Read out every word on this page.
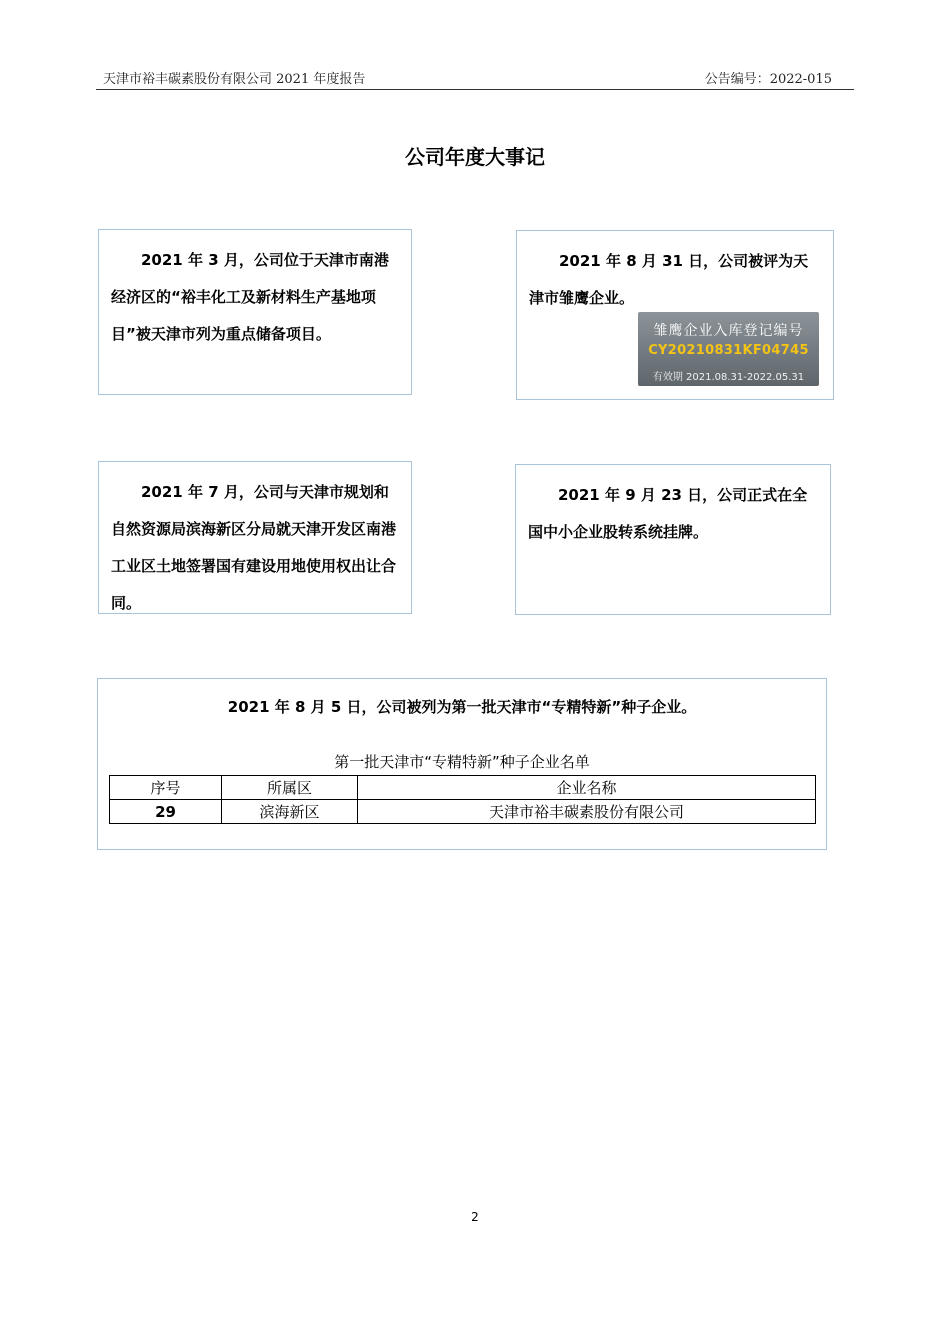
天津市裕丰碳素股份有限公司 2021 年度报告	公告编号：2022-015
公司年度大事记

2021 年 3 月，公司位于天津市南港经济区的“裕丰化工及新材料生产基地项目”被天津市列为重点储备项目。

2021 年 8 月 31 日，公司被评为天津市雏鹰企业。

雏鹰企业入库登记编号
CY20210831KF04745
有效期 2021.08.31-2022.05.31

2021 年 7 月，公司与天津市规划和自然资源局滨海新区分局就天津开发区南港工业区土地签署国有建设用地使用权出让合同。

2021 年 9 月 23 日，公司正式在全国中小企业股转系统挂牌。

2021 年 8 月 5 日，公司被列为第一批天津市“专精特新”种子企业。
第一批天津市“专精特新”种子企业名单
序号	所属区	企业名称
29	滨海新区	天津市裕丰碳素股份有限公司
2
